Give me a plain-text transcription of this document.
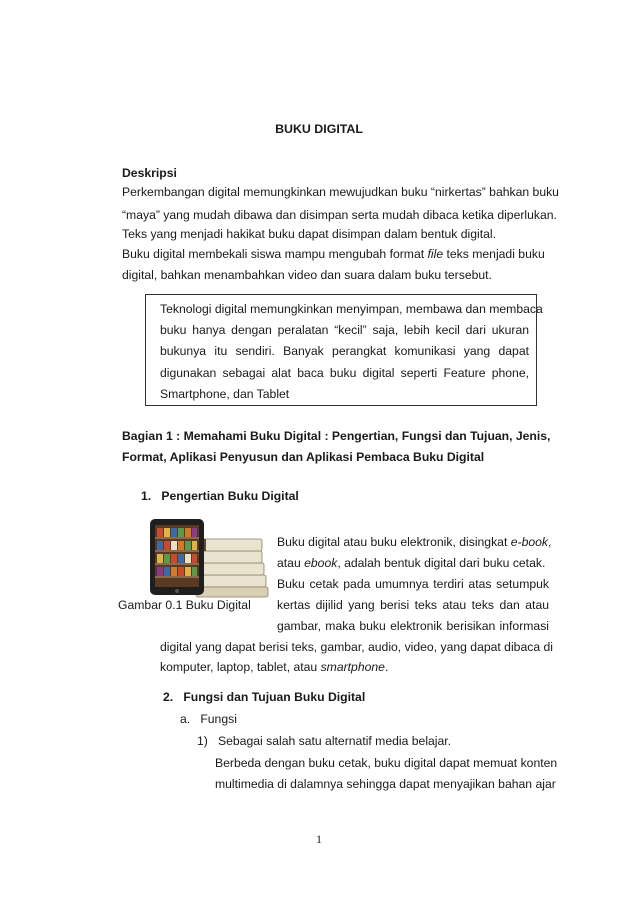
BUKU DIGITAL
Deskripsi
Perkembangan digital memungkinkan mewujudkan buku “nirkertas” bahkan buku
“maya” yang mudah dibawa dan disimpan serta mudah dibaca ketika diperlukan.
Teks yang menjadi hakikat buku dapat disimpan dalam bentuk digital.
Buku digital membekali siswa mampu mengubah format file teks menjadi buku
digital, bahkan menambahkan video dan suara dalam buku tersebut.
Teknologi digital memungkinkan menyimpan, membawa dan membaca
buku hanya dengan peralatan “kecil” saja, lebih kecil dari ukuran
bukunya itu sendiri. Banyak perangkat komunikasi yang dapat
digunakan sebagai alat baca buku digital seperti Feature phone,
Smartphone, dan Tablet
Bagian 1 : Memahami Buku Digital : Pengertian, Fungsi dan Tujuan, Jenis,
Format, Aplikasi Penyusun dan Aplikasi Pembaca Buku Digital
1.   Pengertian Buku Digital
Gambar 0.1 Buku Digital
Buku digital atau buku elektronik, disingkat e-book,
atau ebook, adalah bentuk digital dari buku cetak.
Buku cetak pada umumnya terdiri atas setumpuk
kertas dijilid yang berisi teks atau teks dan atau
gambar, maka buku elektronik berisikan informasi
digital yang dapat berisi teks, gambar, audio, video, yang dapat dibaca di
komputer, laptop, tablet, atau smartphone.
2.   Fungsi dan Tujuan Buku Digital
a.   Fungsi
1)   Sebagai salah satu alternatif media belajar.
Berbeda dengan buku cetak, buku digital dapat memuat konten
multimedia di dalamnya sehingga dapat menyajikan bahan ajar
1
